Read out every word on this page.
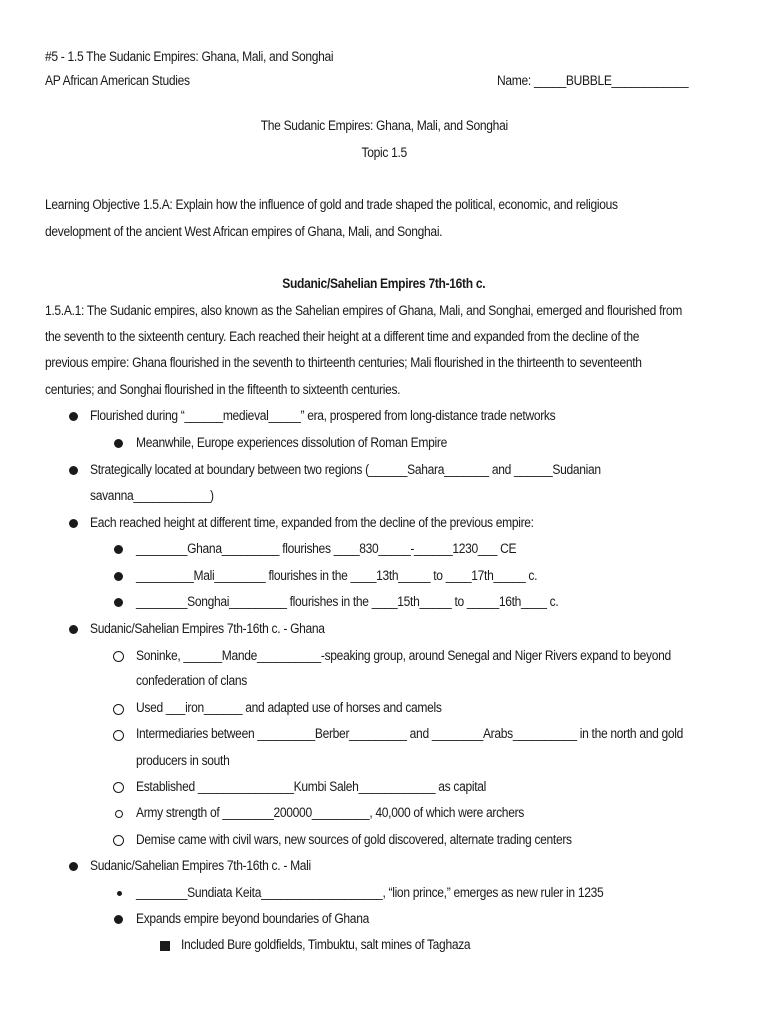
#5 - 1.5 The Sudanic Empires: Ghana, Mali, and Songhai
AP African American Studies	Name: _____BUBBLE____________
The Sudanic Empires: Ghana, Mali, and Songhai
Topic 1.5
Learning Objective 1.5.A: Explain how the influence of gold and trade shaped the political, economic, and religious
development of the ancient West African empires of Ghana, Mali, and Songhai.
Sudanic/Sahelian Empires 7th-16th c.
1.5.A.1: The Sudanic empires, also known as the Sahelian empires of Ghana, Mali, and Songhai, emerged and flourished from
the seventh to the sixteenth century. Each reached their height at a different time and expanded from the decline of the
previous empire: Ghana flourished in the seventh to thirteenth centuries; Mali flourished in the thirteenth to seventeenth
centuries; and Songhai flourished in the fifteenth to sixteenth centuries.
Flourished during “______medieval_____” era, prospered from long-distance trade networks
Meanwhile, Europe experiences dissolution of Roman Empire
Strategically located at boundary between two regions (______Sahara_______ and ______Sudanian
savanna____________)
Each reached height at different time, expanded from the decline of the previous empire:
________Ghana_________ flourishes ____830_____-______1230___ CE
_________Mali________ flourishes in the ____13th_____ to ____17th_____ c.
________Songhai_________ flourishes in the ____15th_____ to _____16th____ c.
Sudanic/Sahelian Empires 7th-16th c. - Ghana
Soninke, ______Mande__________-speaking group, around Senegal and Niger Rivers expand to beyond
confederation of clans
Used ___iron______ and adapted use of horses and camels
Intermediaries between _________Berber_________ and ________Arabs__________ in the north and gold
producers in south
Established _______________Kumbi Saleh____________ as capital
Army strength of ________200000_________, 40,000 of which were archers
Demise came with civil wars, new sources of gold discovered, alternate trading centers
Sudanic/Sahelian Empires 7th-16th c. - Mali
________Sundiata Keita___________________, “lion prince,” emerges as new ruler in 1235
Expands empire beyond boundaries of Ghana
Included Bure goldfields, Timbuktu, salt mines of Taghaza
